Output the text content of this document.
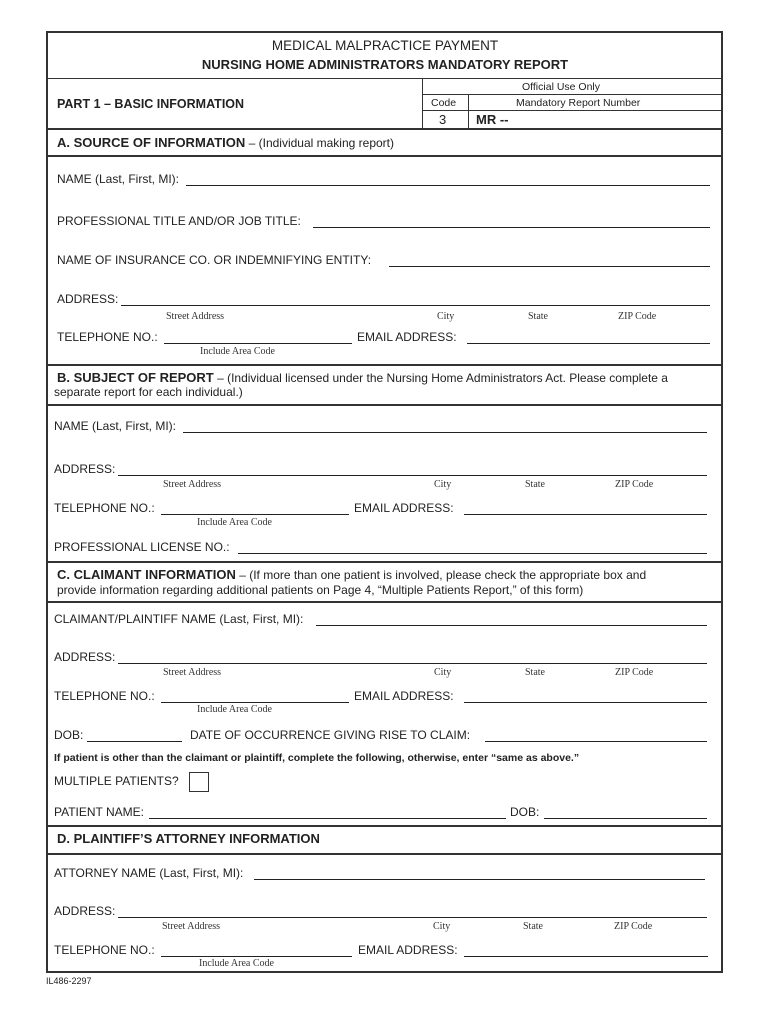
MEDICAL MALPRACTICE PAYMENT
NURSING HOME ADMINISTRATORS MANDATORY REPORT
PART 1 – BASIC INFORMATION
Official Use Only
Code	Mandatory Report Number
3 MR --
A. SOURCE OF INFORMATION – (Individual making report)
NAME (Last, First, MI):
PROFESSIONAL TITLE AND/OR JOB TITLE:
NAME OF INSURANCE CO. OR INDEMNIFYING ENTITY:
ADDRESS:
Street Address	City	State	ZIP Code
TELEPHONE NO.:	EMAIL ADDRESS:
Include Area Code
B. SUBJECT OF REPORT – (Individual licensed under the Nursing Home Administrators Act. Please complete a
separate report for each individual.)
NAME (Last, First, MI):
ADDRESS:
Street Address	City	State	ZIP Code
TELEPHONE NO.:	EMAIL ADDRESS:
Include Area Code
PROFESSIONAL LICENSE NO.:
C. CLAIMANT INFORMATION – (If more than one patient is involved, please check the appropriate box and
provide information regarding additional patients on Page 4, “Multiple Patients Report,” of this form)
CLAIMANT/PLAINTIFF NAME (Last, First, MI):
ADDRESS:
Street Address	City	State	ZIP Code
TELEPHONE NO.:	EMAIL ADDRESS:
Include Area Code
DOB:	DATE OF OCCURRENCE GIVING RISE TO CLAIM:
If patient is other than the claimant or plaintiff, complete the following, otherwise, enter “same as above.”
MULTIPLE PATIENTS?
PATIENT NAME:	DOB:
D. PLAINTIFF’S ATTORNEY INFORMATION
ATTORNEY NAME (Last, First, MI):
ADDRESS:
Street Address	City	State	ZIP Code
TELEPHONE NO.:	EMAIL ADDRESS:
Include Area Code
IL486-2297
